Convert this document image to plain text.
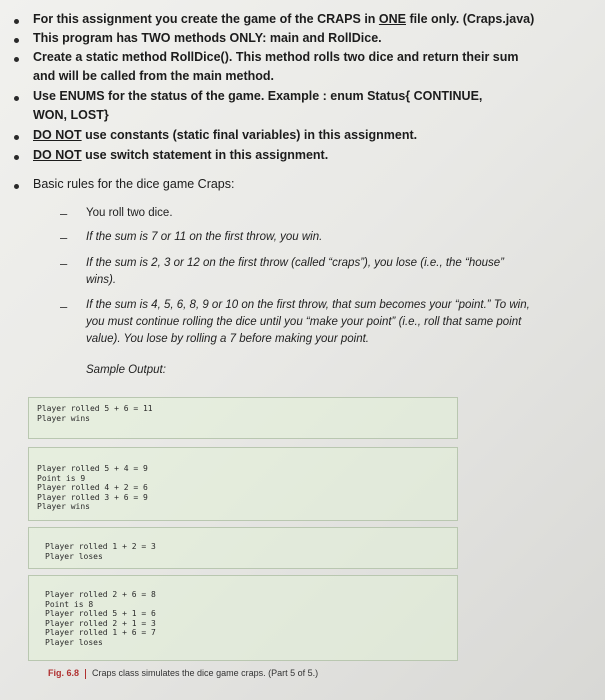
For this assignment you create the game of the CRAPS in ONE file only. (Craps.java)
This program has TWO methods ONLY: main and RollDice.
Create a static method RollDice(). This method rolls two dice and return their sum and will be called from the main method.
Use ENUMS for the status of the game. Example : enum Status{ CONTINUE, WON, LOST}
DO NOT use constants (static final variables) in this assignment.
DO NOT use switch statement in this assignment.
Basic rules for the dice game Craps:
– You roll two dice.
– If the sum is 7 or 11 on the first throw, you win.
– If the sum is 2, 3 or 12 on the first throw (called “craps”), you lose (i.e., the “house” wins).
– If the sum is 4, 5, 6, 8, 9 or 10 on the first throw, that sum becomes your “point.” To win, you must continue rolling the dice until you “make your point” (i.e., roll that same point value). You lose by rolling a 7 before making your point.
Sample Output:
Player rolled 5 + 6 = 11
Player wins
Player rolled 5 + 4 = 9
Point is 9
Player rolled 4 + 2 = 6
Player rolled 3 + 6 = 9
Player wins
Player rolled 1 + 2 = 3
Player loses
Player rolled 2 + 6 = 8
Point is 8
Player rolled 5 + 1 = 6
Player rolled 2 + 1 = 3
Player rolled 1 + 6 = 7
Player loses
Fig. 6.8 Craps class simulates the dice game craps. (Part 5 of 5.)
